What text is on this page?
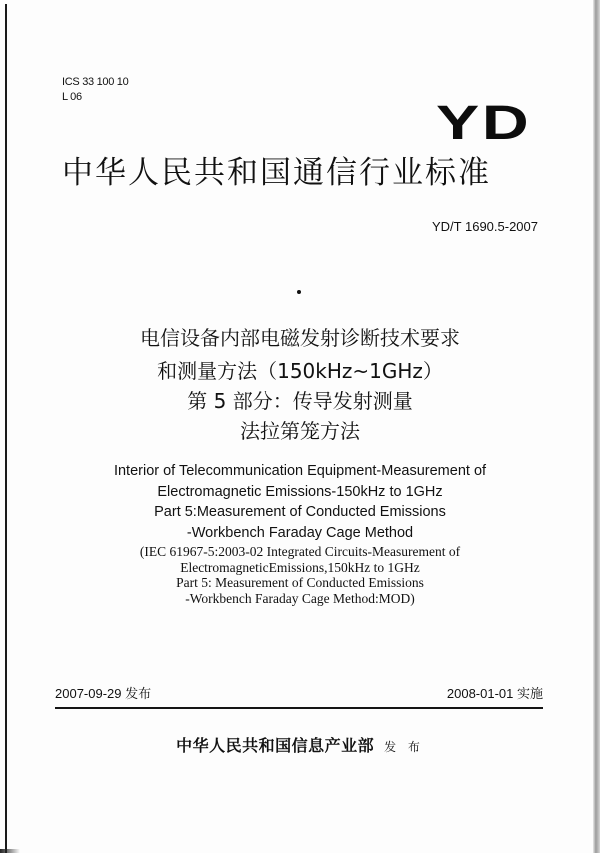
ICS 33 100 10
L 06	YD
中华人民共和国通信行业标准
YD/T 1690.5-2007
电信设备内部电磁发射诊断技术要求
和测量方法（150kHz~1GHz）
第 5 部分：传导发射测量
法拉第笼方法
Interior of Telecommunication Equipment-Measurement of
Electromagnetic Emissions-150kHz to 1GHz
Part 5:Measurement of Conducted Emissions
-Workbench Faraday Cage Method
(IEC 61967-5:2003-02 Integrated Circuits-Measurement of
ElectromagneticEmissions,150kHz to 1GHz
Part 5: Measurement of Conducted Emissions
-Workbench Faraday Cage Method:MOD)
2007-09-29 发布	2008-01-01 实施
中华人民共和国信息产业部 发 布
